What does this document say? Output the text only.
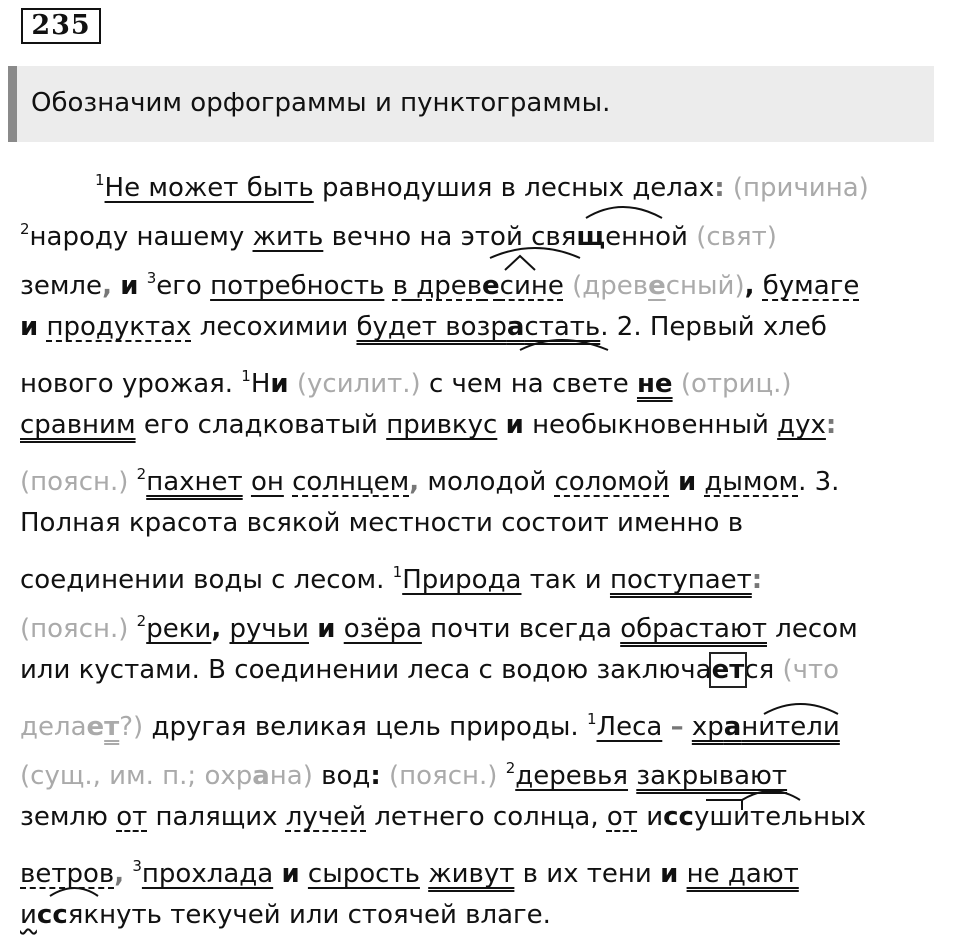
235
Обозначим орфограммы и пунктограммы.
$^1$Не может быть равнодушия в лесных делах: (причина)
$^2$народу нашему жить вечно на этой священной (свят)
земле, и $^3$его потребность в древесине (древесный), бумаге
и продуктах лесохимии будет возрастать. 2. Первый хлеб
нового урожая. $^1$Ни (усилит.) с чем на свете не (отриц.)
сравним его сладковатый привкус и необыкновенный дух:
(поясн.) $^2$пахнет он солнцем, молодой соломой и дымом. 3.
Полная красота всякой местности состоит именно в
соединении воды с лесом. $^1$Природа так и поступает:
(поясн.) $^2$реки, ручьи и озёра почти всегда обрастают лесом
или кустами. В соединении леса с водою заключается (что
делает?) другая великая цель природы. $^1$Леса – хранители
(сущ., им. п.; охрана) вод: (поясн.) $^2$деревья закрывают
землю от палящих лучей летнего солнца, от иссушительных
ветров, $^3$прохлада и сырость живут в их тени и не дают
иссякнуть текучей или стоячей влаге.
